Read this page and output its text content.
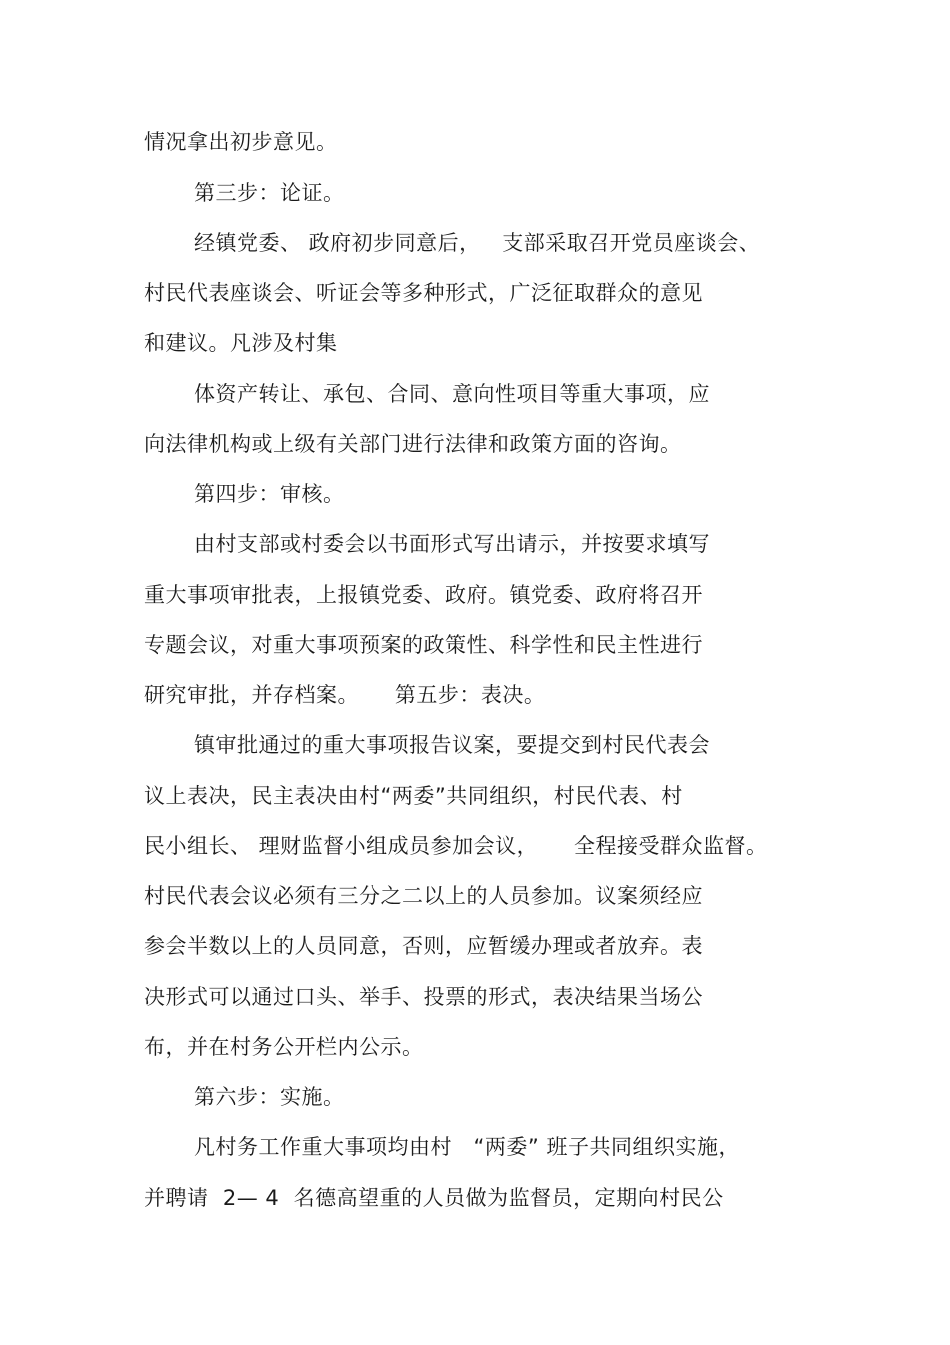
情况拿出初步意见。
第三步：论证。
经镇党委、 政府初步同意后，   支部采取召开党员座谈会、
村民代表座谈会、听证会等多种形式，广泛征取群众的意见
和建议。凡涉及村集
体资产转让、承包、合同、意向性项目等重大事项，应
向法律机构或上级有关部门进行法律和政策方面的咨询。
第四步：审核。
由村支部或村委会以书面形式写出请示，并按要求填写
重大事项审批表，上报镇党委、政府。镇党委、政府将召开
专题会议，对重大事项预案的政策性、科学性和民主性进行
研究审批，并存档案。     第五步：表决。
镇审批通过的重大事项报告议案，要提交到村民代表会
议上表决，民主表决由村“两委”共同组织，村民代表、村
民小组长、 理财监督小组成员参加会议，     全程接受群众监督。
村民代表会议必须有三分之二以上的人员参加。议案须经应
参会半数以上的人员同意，否则，应暂缓办理或者放弃。表
决形式可以通过口头、举手、投票的形式，表决结果当场公
布，并在村务公开栏内公示。
第六步：实施。
凡村务工作重大事项均由村   “两委” 班子共同组织实施，
并聘请  2— 4  名德高望重的人员做为监督员，定期向村民公
